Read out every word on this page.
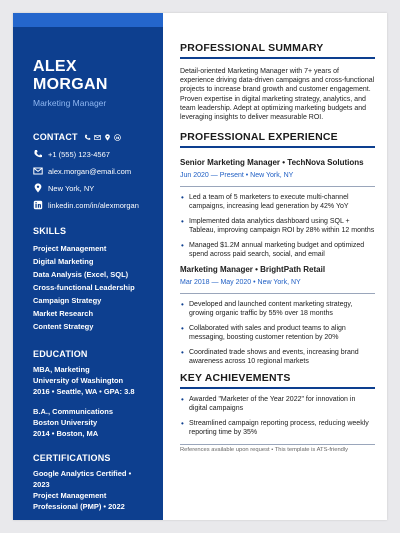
ALEX MORGAN
Marketing Manager
CONTACT
+1 (555) 123-4567
alex.morgan@email.com
New York, NY
linkedin.com/in/alexmorgan
SKILLS
Project Management
Digital Marketing
Data Analysis (Excel, SQL)
Cross-functional Leadership
Campaign Strategy
Market Research
Content Strategy
EDUCATION
MBA, Marketing
University of Washington
2016 • Seattle, WA • GPA: 3.8
B.A., Communications
Boston University
2014 • Boston, MA
CERTIFICATIONS
Google Analytics Certified • 2023
Project Management Professional (PMP) • 2022
PROFESSIONAL SUMMARY
Detail-oriented Marketing Manager with 7+ years of experience driving data-driven campaigns and cross-functional projects to increase brand growth and customer engagement. Proven expertise in digital marketing strategy, analytics, and team leadership. Adept at optimizing marketing budgets and leveraging insights to deliver measurable ROI.
PROFESSIONAL EXPERIENCE
Senior Marketing Manager • TechNova Solutions
Jun 2020 — Present • New York, NY
• Led a team of 5 marketers to execute multi-channel campaigns, increasing lead generation by 42% YoY
• Implemented data analytics dashboard using SQL + Tableau, improving campaign ROI by 28% within 12 months
• Managed $1.2M annual marketing budget and optimized spend across paid search, social, and email
Marketing Manager • BrightPath Retail
Mar 2018 — May 2020 • New York, NY
• Developed and launched content marketing strategy, growing organic traffic by 55% over 18 months
• Collaborated with sales and product teams to align messaging, boosting customer retention by 20%
• Coordinated trade shows and events, increasing brand awareness across 10 regional markets
KEY ACHIEVEMENTS
• Awarded "Marketer of the Year 2022" for innovation in digital campaigns
• Streamlined campaign reporting process, reducing weekly reporting time by 35%
References available upon request • This template is ATS-friendly
